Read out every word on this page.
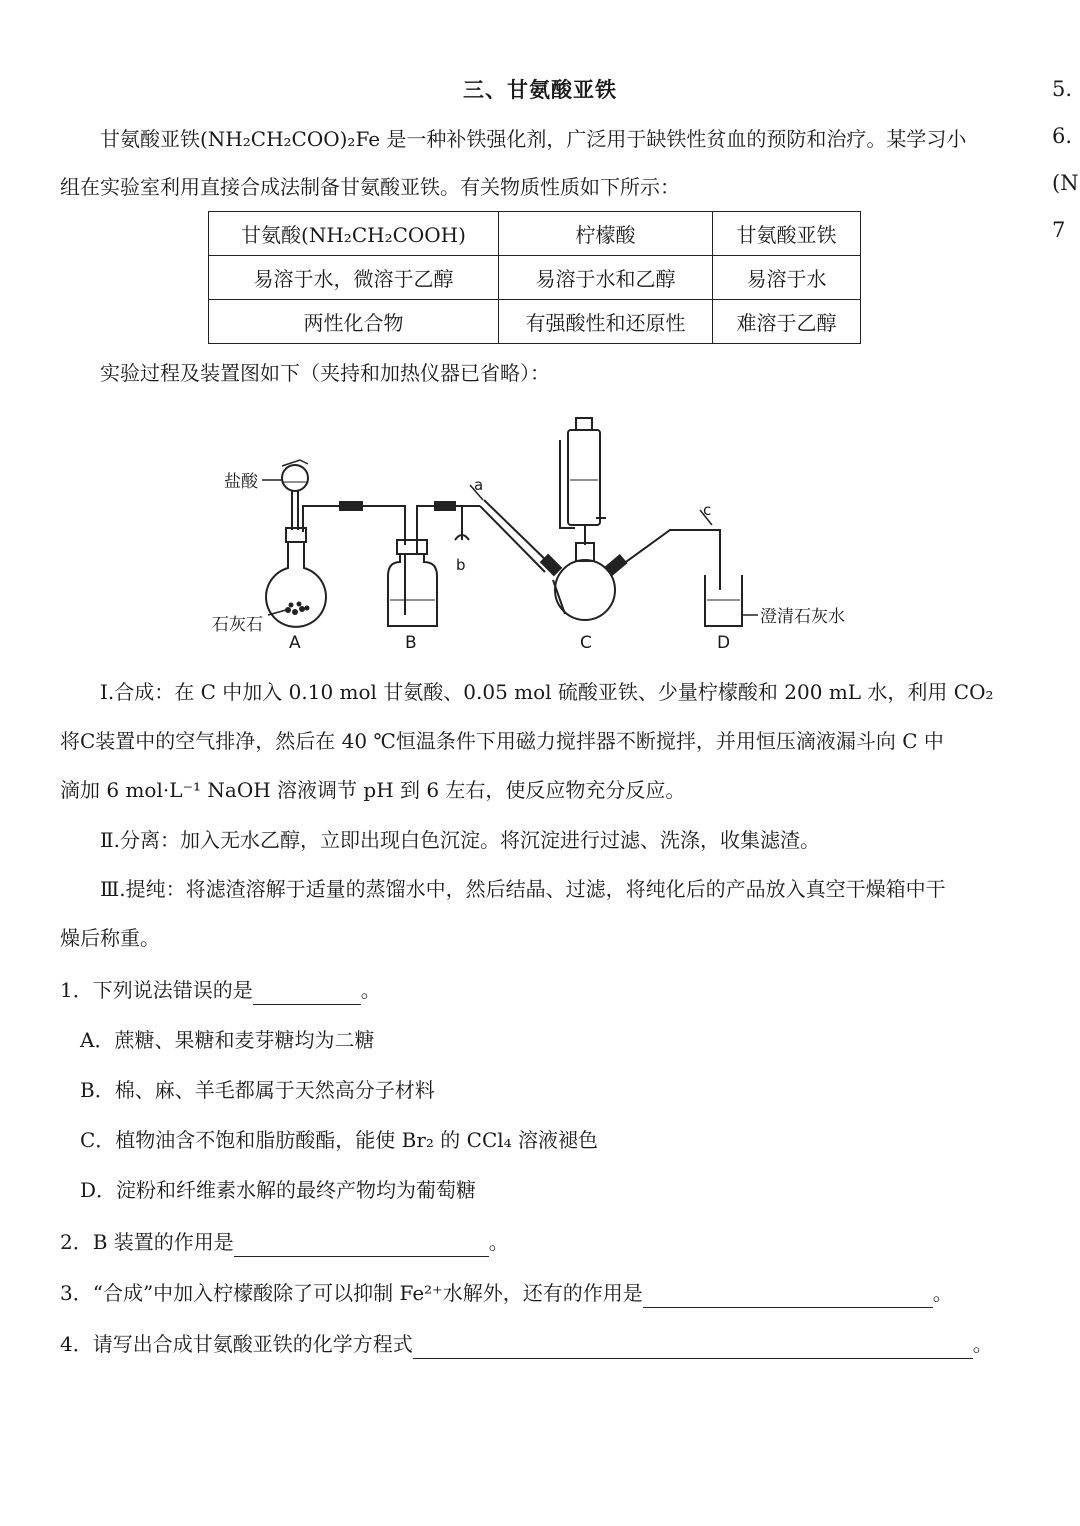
三、甘氨酸亚铁	5.
6.
(N
7
甘氨酸亚铁(NH₂CH₂COO)₂Fe 是一种补铁强化剂，广泛用于缺铁性贫血的预防和治疗。某学习小
组在实验室利用直接合成法制备甘氨酸亚铁。有关物质性质如下所示：
甘氨酸(NH₂CH₂COOH)	柠檬酸	甘氨酸亚铁
易溶于水，微溶于乙醇	易溶于水和乙醇	易溶于水
两性化合物	有强酸性和还原性	难溶于乙醇
实验过程及装置图如下（夹持和加热仪器已省略）：
盐酸
石灰石	澄清石灰水
a
b
c
A	B	C	D
Ⅰ.合成：在 C 中加入 0.10 mol 甘氨酸、0.05 mol 硫酸亚铁、少量柠檬酸和 200 mL 水，利用 CO₂
将C装置中的空气排净，然后在 40 ℃恒温条件下用磁力搅拌器不断搅拌，并用恒压滴液漏斗向 C 中
滴加 6 mol·L⁻¹ NaOH 溶液调节 pH 到 6 左右，使反应物充分反应。
Ⅱ.分离：加入无水乙醇，立即出现白色沉淀。将沉淀进行过滤、洗涤，收集滤渣。
Ⅲ.提纯：将滤渣溶解于适量的蒸馏水中，然后结晶、过滤，将纯化后的产品放入真空干燥箱中干
燥后称重。
1．下列说法错误的是	。
A．蔗糖、果糖和麦芽糖均为二糖
B．棉、麻、羊毛都属于天然高分子材料
C．植物油含不饱和脂肪酸酯，能使 Br₂ 的 CCl₄ 溶液褪色
D．淀粉和纤维素水解的最终产物均为葡萄糖
2．B 装置的作用是	。
3．“合成”中加入柠檬酸除了可以抑制 Fe²⁺水解外，还有的作用是	。
4．请写出合成甘氨酸亚铁的化学方程式	。
